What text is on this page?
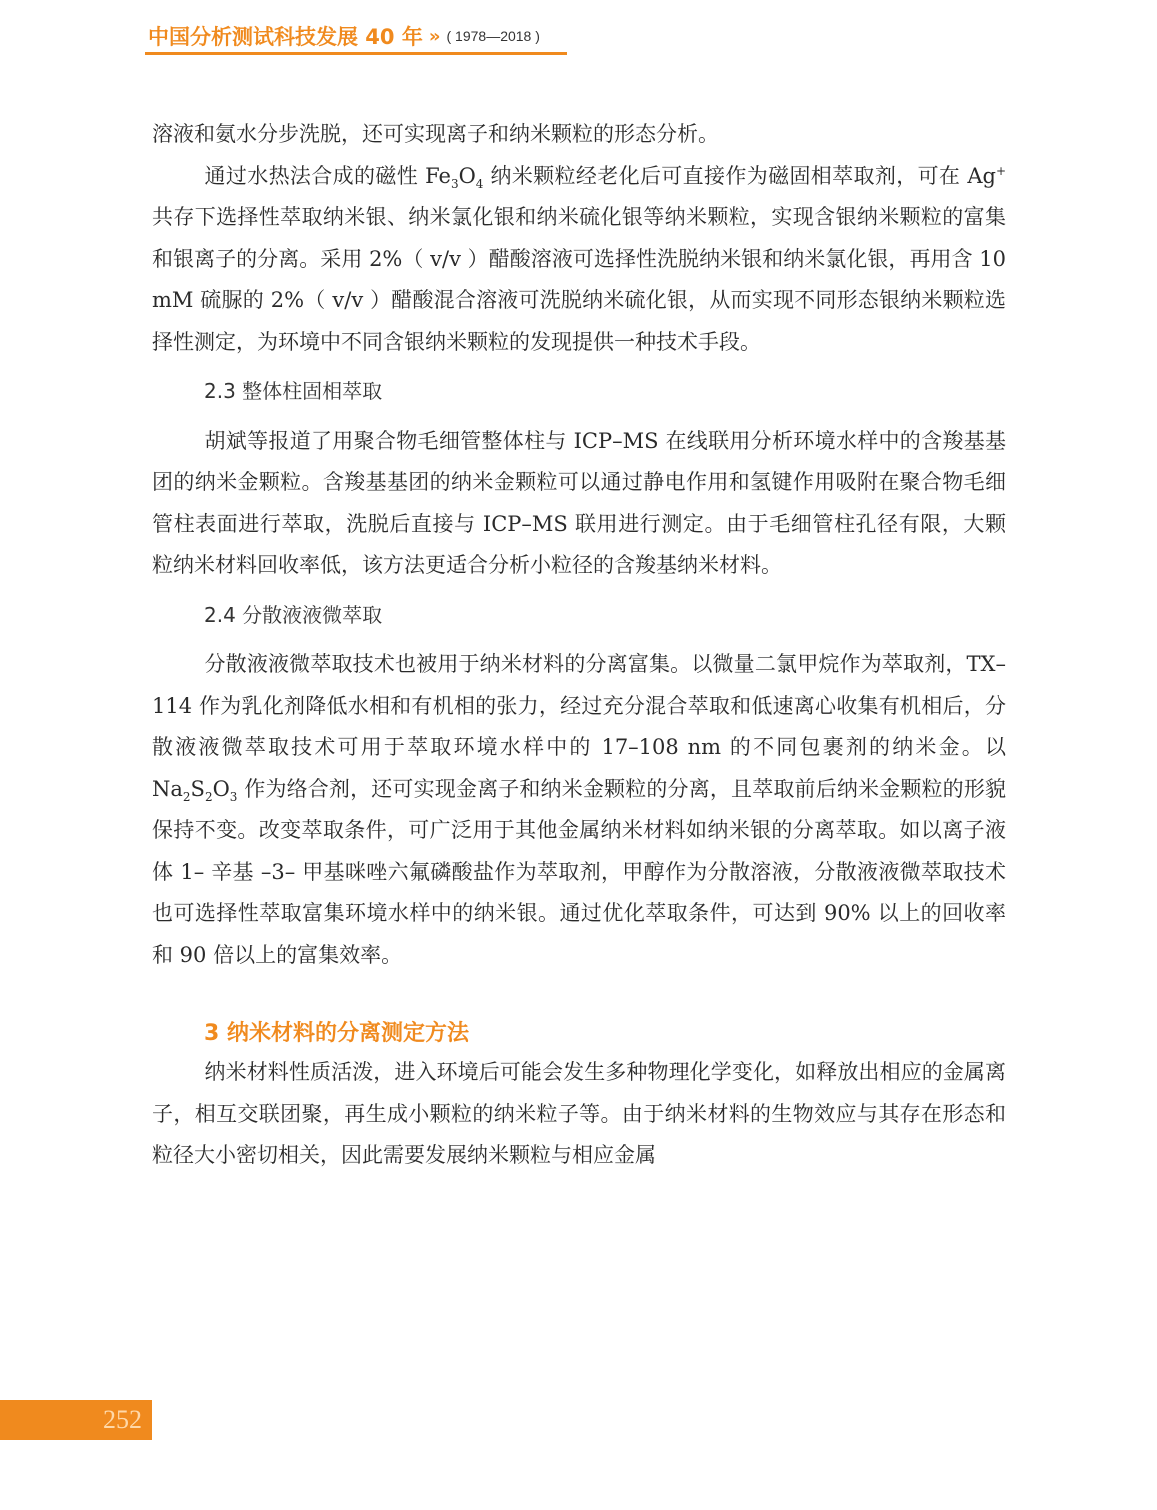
中国分析测试科技发展 40 年 » ( 1978—2018 )

溶液和氨水分步洗脱，还可实现离子和纳米颗粒的形态分析。

通过水热法合成的磁性 $Fe_3O_4$ 纳米颗粒经老化后可直接作为磁固相萃取剂，可在 Ag+ 共存下选择性萃取纳米银、纳米氯化银和纳米硫化银等纳米颗粒，实现含银纳米颗粒的富集和银离子的分离。采用 2%（ v/v ）醋酸溶液可选择性洗脱纳米银和纳米氯化银，再用含 10 mM 硫脲的 2%（ v/v ）醋酸混合溶液可洗脱纳米硫化银，从而实现不同形态银纳米颗粒选择性测定，为环境中不同含银纳米颗粒的发现提供一种技术手段。

2.3 整体柱固相萃取

胡斌等报道了用聚合物毛细管整体柱与 ICP–MS 在线联用分析环境水样中的含羧基基团的纳米金颗粒。含羧基基团的纳米金颗粒可以通过静电作用和氢键作用吸附在聚合物毛细管柱表面进行萃取，洗脱后直接与 ICP–MS 联用进行测定。由于毛细管柱孔径有限，大颗粒纳米材料回收率低，该方法更适合分析小粒径的含羧基纳米材料。

2.4 分散液液微萃取

分散液液微萃取技术也被用于纳米材料的分离富集。以微量二氯甲烷作为萃取剂，TX–114 作为乳化剂降低水相和有机相的张力，经过充分混合萃取和低速离心收集有机相后，分散液液微萃取技术可用于萃取环境水样中的 17–108 nm 的不同包裹剂的纳米金。以 $Na_2S_2O_3$ 作为络合剂，还可实现金离子和纳米金颗粒的分离，且萃取前后纳米金颗粒的形貌保持不变。改变萃取条件，可广泛用于其他金属纳米材料如纳米银的分离萃取。如以离子液体 1– 辛基 –3– 甲基咪唑六氟磷酸盐作为萃取剂，甲醇作为分散溶液，分散液液微萃取技术也可选择性萃取富集环境水样中的纳米银。通过优化萃取条件，可达到 90% 以上的回收率和 90 倍以上的富集效率。

3 纳米材料的分离测定方法

纳米材料性质活泼，进入环境后可能会发生多种物理化学变化，如释放出相应的金属离子，相互交联团聚，再生成小颗粒的纳米粒子等。由于纳米材料的生物效应与其存在形态和粒径大小密切相关，因此需要发展纳米颗粒与相应金属

252
